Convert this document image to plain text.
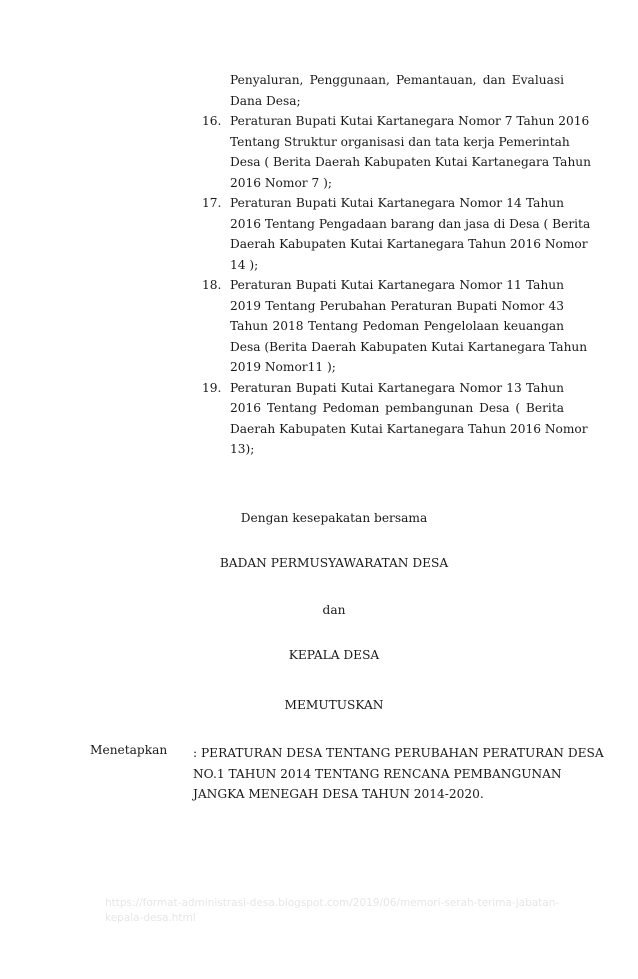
Penyaluran, Penggunaan, Pemantauan, dan Evaluasi
Dana Desa;
16. Peraturan Bupati Kutai Kartanegara Nomor 7 Tahun 2016
Tentang Struktur organisasi dan tata kerja Pemerintah
Desa ( Berita Daerah Kabupaten Kutai Kartanegara Tahun
2016 Nomor 7 );
17. Peraturan Bupati Kutai Kartanegara Nomor 14 Tahun
2016 Tentang Pengadaan barang dan jasa di Desa ( Berita
Daerah Kabupaten Kutai Kartanegara Tahun 2016 Nomor
14 );
18. Peraturan Bupati Kutai Kartanegara Nomor 11 Tahun
2019 Tentang Perubahan Peraturan Bupati Nomor 43
Tahun 2018 Tentang Pedoman Pengelolaan keuangan
Desa (Berita Daerah Kabupaten Kutai Kartanegara Tahun
2019 Nomor11 );
19. Peraturan Bupati Kutai Kartanegara Nomor 13 Tahun
2016 Tentang Pedoman pembangunan Desa ( Berita
Daerah Kabupaten Kutai Kartanegara Tahun 2016 Nomor
13);
Dengan kesepakatan bersama
BADAN PERMUSYAWARATAN DESA
dan
KEPALA DESA
MEMUTUSKAN
Menetapkan : PERATURAN DESA TENTANG PERUBAHAN PERATURAN DESA
NO.1 TAHUN 2014 TENTANG RENCANA PEMBANGUNAN
JANGKA MENEGAH DESA TAHUN 2014-2020.
https://format-administrasi-desa.blogspot.com/2019/06/memori-serah-terima-jabatan-kepala-desa.html
